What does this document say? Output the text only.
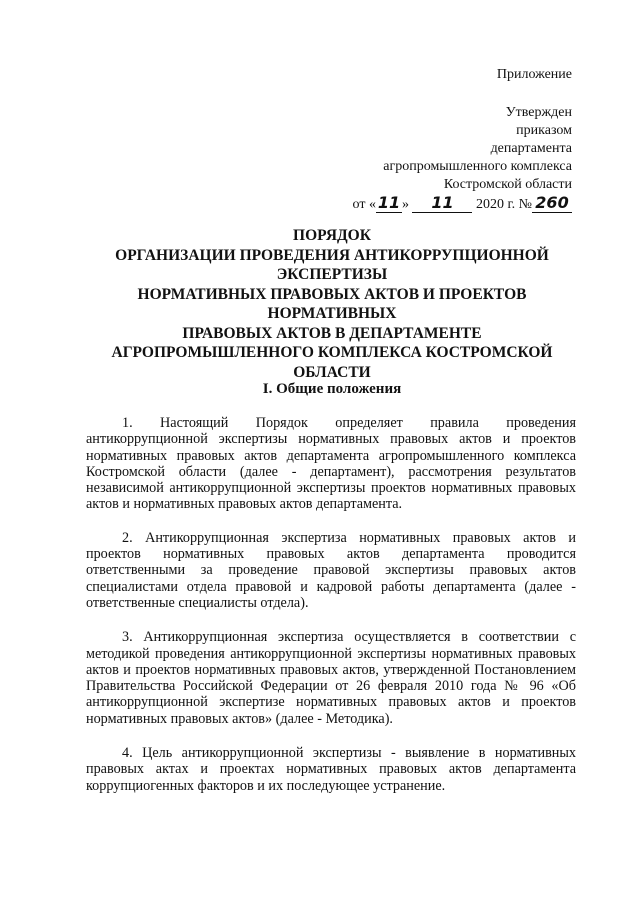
Приложение
Утвержден
приказом
департамента
агропромышленного комплекса
Костромской области
от « 11 » 11 2020 г. № 260
ПОРЯДОК
ОРГАНИЗАЦИИ ПРОВЕДЕНИЯ АНТИКОРРУПЦИОННОЙ
ЭКСПЕРТИЗЫ
НОРМАТИВНЫХ ПРАВОВЫХ АКТОВ И ПРОЕКТОВ
НОРМАТИВНЫХ
ПРАВОВЫХ АКТОВ В ДЕПАРТАМЕНТЕ
АГРОПРОМЫШЛЕННОГО КОМПЛЕКСА КОСТРОМСКОЙ
ОБЛАСТИ
I. Общие положения

1. Настоящий Порядок определяет правила проведения антикоррупционной экспертизы нормативных правовых актов и проектов нормативных правовых актов департамента агропромышленного комплекса Костромской области (далее - департамент), рассмотрения результатов независимой антикоррупционной экспертизы проектов нормативных правовых актов и нормативных правовых актов департамента.

2. Антикоррупционная экспертиза нормативных правовых актов и проектов нормативных правовых актов департамента проводится ответственными за проведение правовой экспертизы правовых актов специалистами отдела правовой и кадровой работы департамента (далее - ответственные специалисты отдела).

3. Антикоррупционная экспертиза осуществляется в соответствии с методикой проведения антикоррупционной экспертизы нормативных правовых актов и проектов нормативных правовых актов, утвержденной Постановлением Правительства Российской Федерации от 26 февраля 2010 года № 96 «Об антикоррупционной экспертизе нормативных правовых актов и проектов нормативных правовых актов» (далее - Методика).

4. Цель антикоррупционной экспертизы - выявление в нормативных правовых актах и проектах нормативных правовых актов департамента коррупциогенных факторов и их последующее устранение.
